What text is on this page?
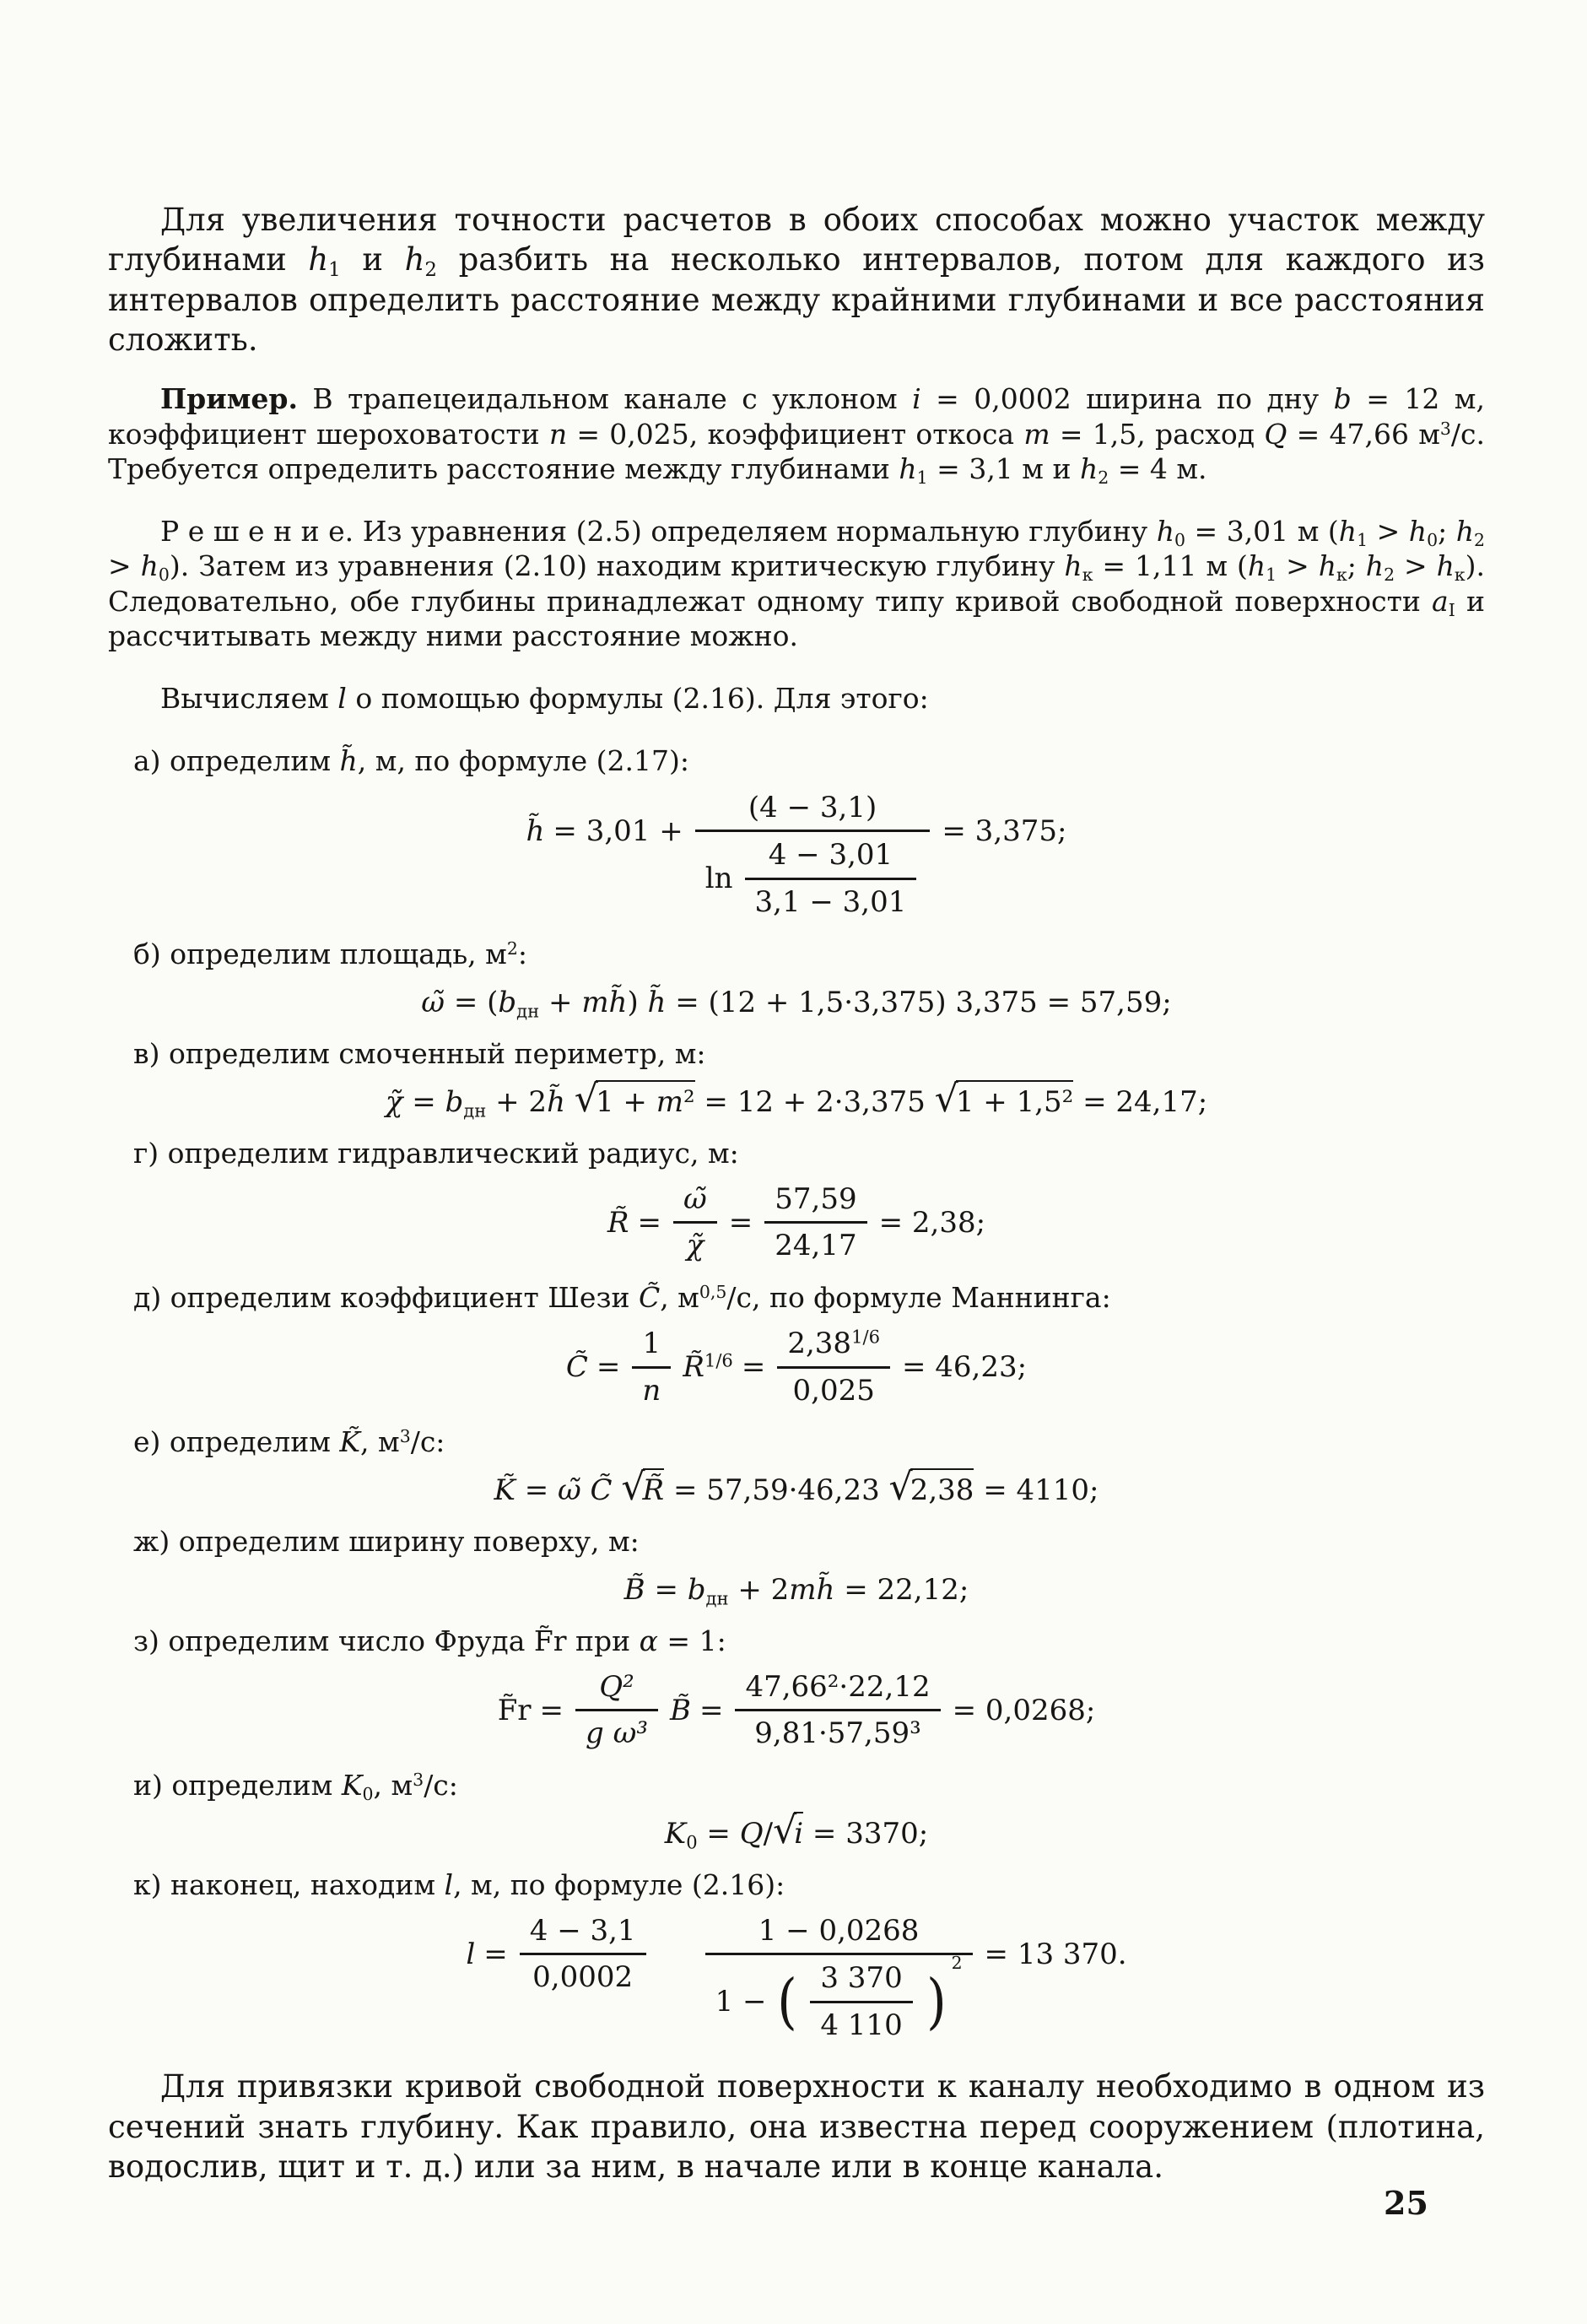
Для увеличения точности расчетов в обоих способах можно участок между глубинами $h_1$ и $h_2$ разбить на несколько интервалов, потом для каждого из интервалов определить расстояние между крайними глубинами и все расстояния сложить.

Пример. В трапецеидальном канале с уклоном i = 0,0002 ширина по дну b = 12 м, коэффициент шероховатости n = 0,025, коэффициент откоса m = 1,5, расход Q = 47,66 $м^3/с$. Требуется определить расстояние между глубинами $h_1 = 3,1$ м и $h_2 = 4$ м.

Р е ш е н и е. Из уравнения (2.5) определяем нормальную глубину $h_0 = 3,01$ м ($h_1 > h_0$; $h_2 > h_0$). Затем из уравнения (2.10) находим критическую глубину $h_к = 1,11$ м ($h_1 > h_к$; $h_2 > h_к$). Следовательно, обе глубины принадлежат одному типу кривой свободной поверхности $a_I$ и рассчитывать между ними расстояние можно.

Вычисляем l о помощью формулы (2.16). Для этого:

а) определим h̃, м, по формуле (2.17):
h̃ = $3,01 + \frac{(4 - 3,1)}{\ln \frac{4 - 3,01}{3,1 - 3,01}} = 3,375$;
б) определим площадь, $м^2$:
ω̃ = ($b_{дн}$ + mh̃) h̃ = (12 + 1,5·3,375) 3,375 = 57,59;
в) определим смоченный периметр, м:
χ̃ = $b_{дн}$ + 2h̃ √1 + m² = 12 + 2·3,375 √1 + 1,5² = 24,17;
г) определим гидравлический радиус, м:
R̃ = $\frac{\omegã}{\chĩ} = \frac{57,59}{24,17} = 2,38$;
д) определим коэффициент Шези C̃, $м^{0,5}/с$, по формуле Маннинга:
C̃ = $\frac{1}{n}$ R̃$^{1/6}$ = $\frac{2,38^{1/6}}{0,025} = 46,23$;
е) определим K̃, $м^3/с$:
K̃ = ω̃ C̃ √R̃ = 57,59·46,23 √2,38 = 4110;
ж) определим ширину поверху, м:
B̃ = $b_{дн}$ + 2mh̃ = 22,12;
з) определим число Фруда F̃r при α = 1:
F̃r = $\frac{\text{Q²}}{\text{g ω³}}$ B̃ = $\frac{\text{47,66²·22,12}}{\text{9,81·57,59³}} = 0,0268$;
и) определим $K_0$, $м^3/с$:
$K_0 = Q/√i = 3370$;
к) наконец, находим l, м, по формуле (2.16):
$l = \frac{4 - 3,1}{0,0002}$	1 − 0,0268
1 − ( $\frac{3 370}{4 110}$ )
2 = 13 370.

Для привязки кривой свободной поверхности к каналу необходимо в одном из сечений знать глубину. Как правило, она известна перед сооружением (плотина, водослив, щит и т. д.) или за ним, в начале или в конце канала.

25
